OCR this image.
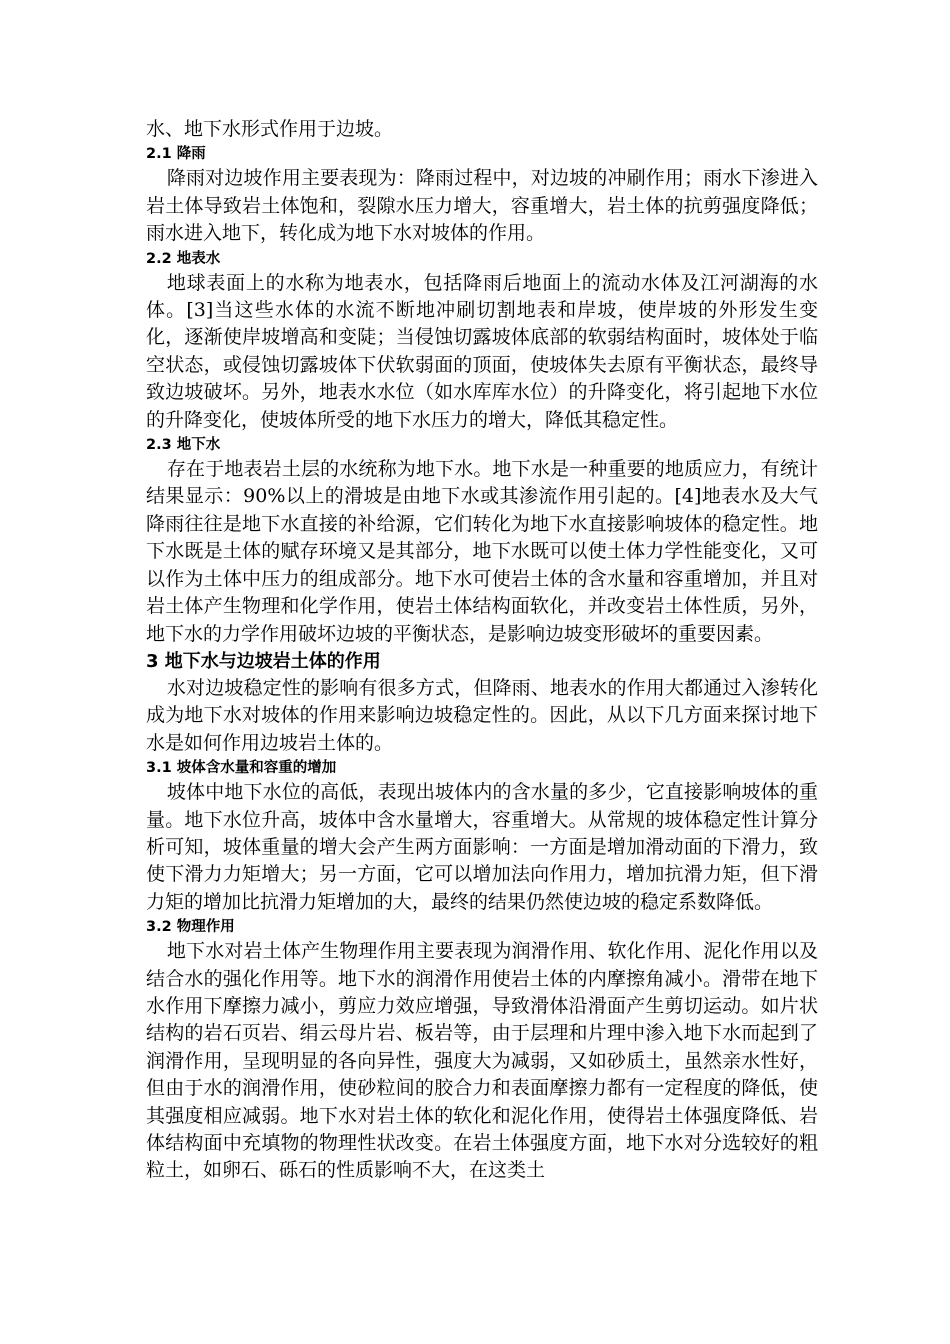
水、地下水形式作用于边坡。

2.1 降雨

降雨对边坡作用主要表现为：降雨过程中，对边坡的冲刷作用；雨水下渗进入岩土体导致岩土体饱和，裂隙水压力增大，容重增大，岩土体的抗剪强度降低；雨水进入地下，转化成为地下水对坡体的作用。

2.2 地表水

地球表面上的水称为地表水，包括降雨后地面上的流动水体及江河湖海的水体。[3]当这些水体的水流不断地冲刷切割地表和岸坡，使岸坡的外形发生变化，逐渐使岸坡增高和变陡；当侵蚀切露坡体底部的软弱结构面时，坡体处于临空状态，或侵蚀切露坡体下伏软弱面的顶面，使坡体失去原有平衡状态，最终导致边坡破坏。另外，地表水水位（如水库库水位）的升降变化，将引起地下水位的升降变化，使坡体所受的地下水压力的增大，降低其稳定性。

2.3 地下水

存在于地表岩土层的水统称为地下水。地下水是一种重要的地质应力，有统计结果显示：90%以上的滑坡是由地下水或其渗流作用引起的。[4]地表水及大气降雨往往是地下水直接的补给源，它们转化为地下水直接影响坡体的稳定性。地下水既是土体的赋存环境又是其部分，地下水既可以使土体力学性能变化，又可以作为土体中压力的组成部分。地下水可使岩土体的含水量和容重增加，并且对岩土体产生物理和化学作用，使岩土体结构面软化，并改变岩土体性质，另外，地下水的力学作用破坏边坡的平衡状态，是影响边坡变形破坏的重要因素。

3 地下水与边坡岩土体的作用

水对边坡稳定性的影响有很多方式，但降雨、地表水的作用大都通过入渗转化成为地下水对坡体的作用来影响边坡稳定性的。因此，从以下几方面来探讨地下水是如何作用边坡岩土体的。

3.1 坡体含水量和容重的增加

坡体中地下水位的高低，表现出坡体内的含水量的多少，它直接影响坡体的重量。地下水位升高，坡体中含水量增大，容重增大。从常规的坡体稳定性计算分析可知，坡体重量的增大会产生两方面影响：一方面是增加滑动面的下滑力，致使下滑力力矩增大；另一方面，它可以增加法向作用力，增加抗滑力矩，但下滑力矩的增加比抗滑力矩增加的大，最终的结果仍然使边坡的稳定系数降低。

3.2 物理作用

地下水对岩土体产生物理作用主要表现为润滑作用、软化作用、泥化作用以及结合水的强化作用等。地下水的润滑作用使岩土体的内摩擦角减小。滑带在地下水作用下摩擦力减小，剪应力效应增强，导致滑体沿滑面产生剪切运动。如片状结构的岩石页岩、绢云母片岩、板岩等，由于层理和片理中渗入地下水而起到了润滑作用，呈现明显的各向异性，强度大为减弱，又如砂质土，虽然亲水性好，但由于水的润滑作用，使砂粒间的胶合力和表面摩擦力都有一定程度的降低，使其强度相应减弱。地下水对岩土体的软化和泥化作用，使得岩土体强度降低、岩体结构面中充填物的物理性状改变。在岩土体强度方面，地下水对分选较好的粗粒土，如卵石、砾石的性质影响不大，在这类土
